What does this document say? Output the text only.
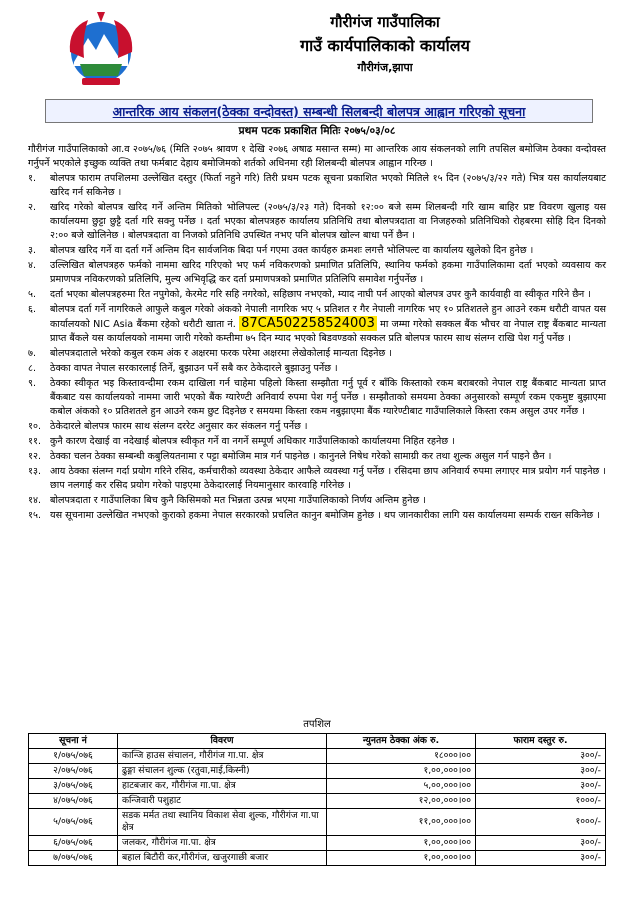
गौरीगंज गाउँपालिका
गाउँ कार्यपालिकाको कार्यालय
गौरीगंज,झापा
आन्तरिक आय संकलन(ठेक्का वन्दोवस्त) सम्बन्धी सिलबन्दी बोलपत्र आह्वान गरिएको सूचना
प्रथम पटक प्रकाशित मितिः २०७५/०३/०८

गौरीगंज गाउँपालिकाको आ.व २०७५/७६ (मिति २०७५ श्रावण १ देखि २०७६ अषाढ मसान्त सम्म) मा आन्तरिक आय संकलनको लागि तपसिल बमोजिम ठेक्का वन्दोवस्त गर्नुपर्ने भएकोले इच्छुक व्यक्ति तथा फर्मबाट देहाय बमोजिमको शर्तको अधिनमा रही शिलबन्दी बोलपत्र आह्वान गरिन्छ ।

१.	बोलपत्र फाराम तपशिलमा उल्लेखित दस्तुर (फिर्ता नहुने गरि) तिरी प्रथम पटक सूचना प्रकाशित भएको मितिले १५ दिन (२०७५/३/२२ गते) भित्र यस कार्यालयबाट खरिद गर्न सकिनेछ ।
२.	खरिद गरेको बोलपत्र खरिद गर्ने अन्तिम मितिको भोलिपल्ट (२०७५/३/२३ गते) दिनको १२:०० बजे सम्म शिलबन्दी गरि खाम बाहिर प्रष्ट विवरण खुलाइ यस कार्यालयमा छुट्टा छुट्टै दर्ता गरि सक्नु पर्नेछ । दर्ता भएका बोलपत्रहरु कार्यालय प्रतिनिधि तथा बोलपत्रदाता वा निजहरुको प्रतिनिधिको रोहबरमा सोहि दिन दिनको २:०० बजे खोलिनेछ । बोलपत्रदाता वा निजको प्रतिनिधि उपस्थित नभए पनि बोलपत्र खोल्न बाधा पर्ने छैन ।
३.	बोलपत्र खरिद गर्ने वा दर्ता गर्ने अन्तिम दिन सार्वजनिक बिदा पर्न गएमा उक्त कार्यहरु क्रमशः लगत्तै भोलिपल्ट वा कार्यालय खुलेको दिन हुनेछ ।
४.	उल्लिखित बोलपत्रहरु फर्मको नाममा खरिद गरिएको भए फर्म नविकरणको प्रमाणित प्रतिलिपि, स्थानिय फर्मको हकमा गाउँपालिकामा दर्ता भएको व्यवसाय कर प्रमाणपत्र नविकरणको प्रतिलिपि, मुल्य अभिवृद्धि कर दर्ता प्रमाणपत्रको प्रमाणित प्रतिलिपि समावेश गर्नुपर्नेछ ।
५.	दर्ता भएका बोलपत्रहरुमा रित नपुगेको, केरमेट गरि सहि नगरेको, सहिछाप नभएको, म्याद नाघी पर्न आएको बोलपत्र उपर कुनै कार्यवाही वा स्वीकृत गरिने छैन ।
६.	बोलपत्र दर्ता गर्ने नागरिकले आफुले कबुल गरेको अंकको नेपाली नागरिक भए ५ प्रतिशत र गैर नेपाली नागरिक भए १० प्रतिशतले हुन आउने रकम धरौटी वापत यस कार्यालयको NIC Asia बैंकमा रहेको धरौटी खाता नं. 87CA502258524003 मा जम्मा गरेको सक्कल बैंक भौचर वा नेपाल राष्ट्र बैंकबाट मान्यता प्राप्त बैंकले यस कार्यालयको नाममा जारी गरेको कम्तीमा ७५ दिन म्याद भएको बिडवण्डको सक्कल प्रति बोलपत्र फारम साथ संलग्न राखि पेश गर्नु पर्नेछ ।
७.	बोलपत्रदाताले भरेको कबुल रकम अंक र अक्षरमा फरक परेमा अक्षरमा लेखेकोलाई मान्यता दिइनेछ ।
८.	ठेक्का वापत नेपाल सरकारलाई तिर्ने, बुझाउन पर्ने सबै कर ठेकेदारले बुझाउनु पर्नेछ ।
९.	ठेक्का स्वीकृत भइ किस्तावन्दीमा रकम दाखिला गर्न चाहेमा पहिलो किस्ता सम्झौता गर्नु पूर्व र बाँकि किस्ताको रकम बराबरको नेपाल राष्ट्र बैंकबाट मान्यता प्राप्त बैंकबाट यस कार्यालयको नाममा जारी भएको बैंक ग्यारेण्टी अनिवार्य रुपमा पेश गर्नु पर्नेछ । सम्झौताको समयमा ठेक्का अनुसारको सम्पूर्ण रकम एकमुष्ट बुझाएमा कबोल अंकको १० प्रतिशतले हुन आउने रकम छुट दिइनेछ र समयमा किस्ता रकम नबुझाएमा बैंक ग्यारेण्टीबाट गाउँपालिकाले किस्ता रकम असुल उपर गर्नेछ ।
१०. ठेकेदारले बोलपत्र फारम साथ संलग्न दररेट अनुसार कर संकलन गर्नु पर्नेछ ।
११. कुनै कारण देखाई वा नदेखाई बोलपत्र स्वीकृत गर्ने वा नगर्ने सम्पूर्ण अधिकार गाउँपालिकाको कार्यालयमा निहित रहनेछ ।
१२. ठेक्का चलन ठेक्का सम्बन्धी कबुलियतनामा र पट्टा बमोजिम मात्र गर्न पाइनेछ । कानुनले निषेध गरेको सामाग्री कर तथा शुल्क असुल गर्न पाइने छैन ।
१३. आय ठेक्का संलग्न गर्दा प्रयोग गरिने रसिद, कर्मचारीको व्यवस्था ठेकेदार आफैले व्यवस्था गर्नु पर्नेछ । रसिदमा छाप अनिवार्य रुपमा लगाएर मात्र प्रयोग गर्न पाइनेछ । छाप नलगाई कर रसिद प्रयोग गरेको पाइएमा ठेकेदारलाई नियमानुसार कारवाहि गरिनेछ ।
१४. बोलपत्रदाता र गाउँपालिका बिच कुनै किसिमको मत भिन्नता उत्पन्न भएमा गाउँपालिकाको निर्णय अन्तिम हुनेछ ।
१५. यस सूचनामा उल्लेखित नभएको कुराको हकमा नेपाल सरकारको प्रचलित कानुन बमोजिम हुनेछ । थप जानकारीका लागि यस कार्यालयमा सम्पर्क राख्न सकिनेछ ।
तपशिल
सूचना नं	विवरण	न्युनतम ठेक्का अंक रु.	फाराम दस्तुर रु.
१/०७५/०७६	कान्जि हाउस संचालन, गौरीगंज गा.पा. क्षेत्र	१८०००।००	३००/-
२/०७५/०७६	ढुङ्गा संचालन शुल्क (रतुवा,माई,किस्नी)	१,००,०००।००	३००/-
३/०७५/०७६	हाटबजार कर, गौरीगंज गा.पा. क्षेत्र	५,००,०००।००	३००/-
४/०७५/०७६	कन्जिवारी पशुहाट	१२,००,०००।००	१०००/-
५/०७५/०७६	सडक मर्मत तथा स्थानिय विकाश सेवा शुल्क, गौरीगंज गा.पा क्षेत्र	११,००,०००।००	१०००/-
६/०७५/०७६	जलकर, गौरीगंज गा.पा. क्षेत्र	१,००,०००।००	३००/-
७/०७५/०७६	बहाल बिटौरी कर,गौरीगंज, खजुरगाछी बजार	१,००,०००।००	३००/-
